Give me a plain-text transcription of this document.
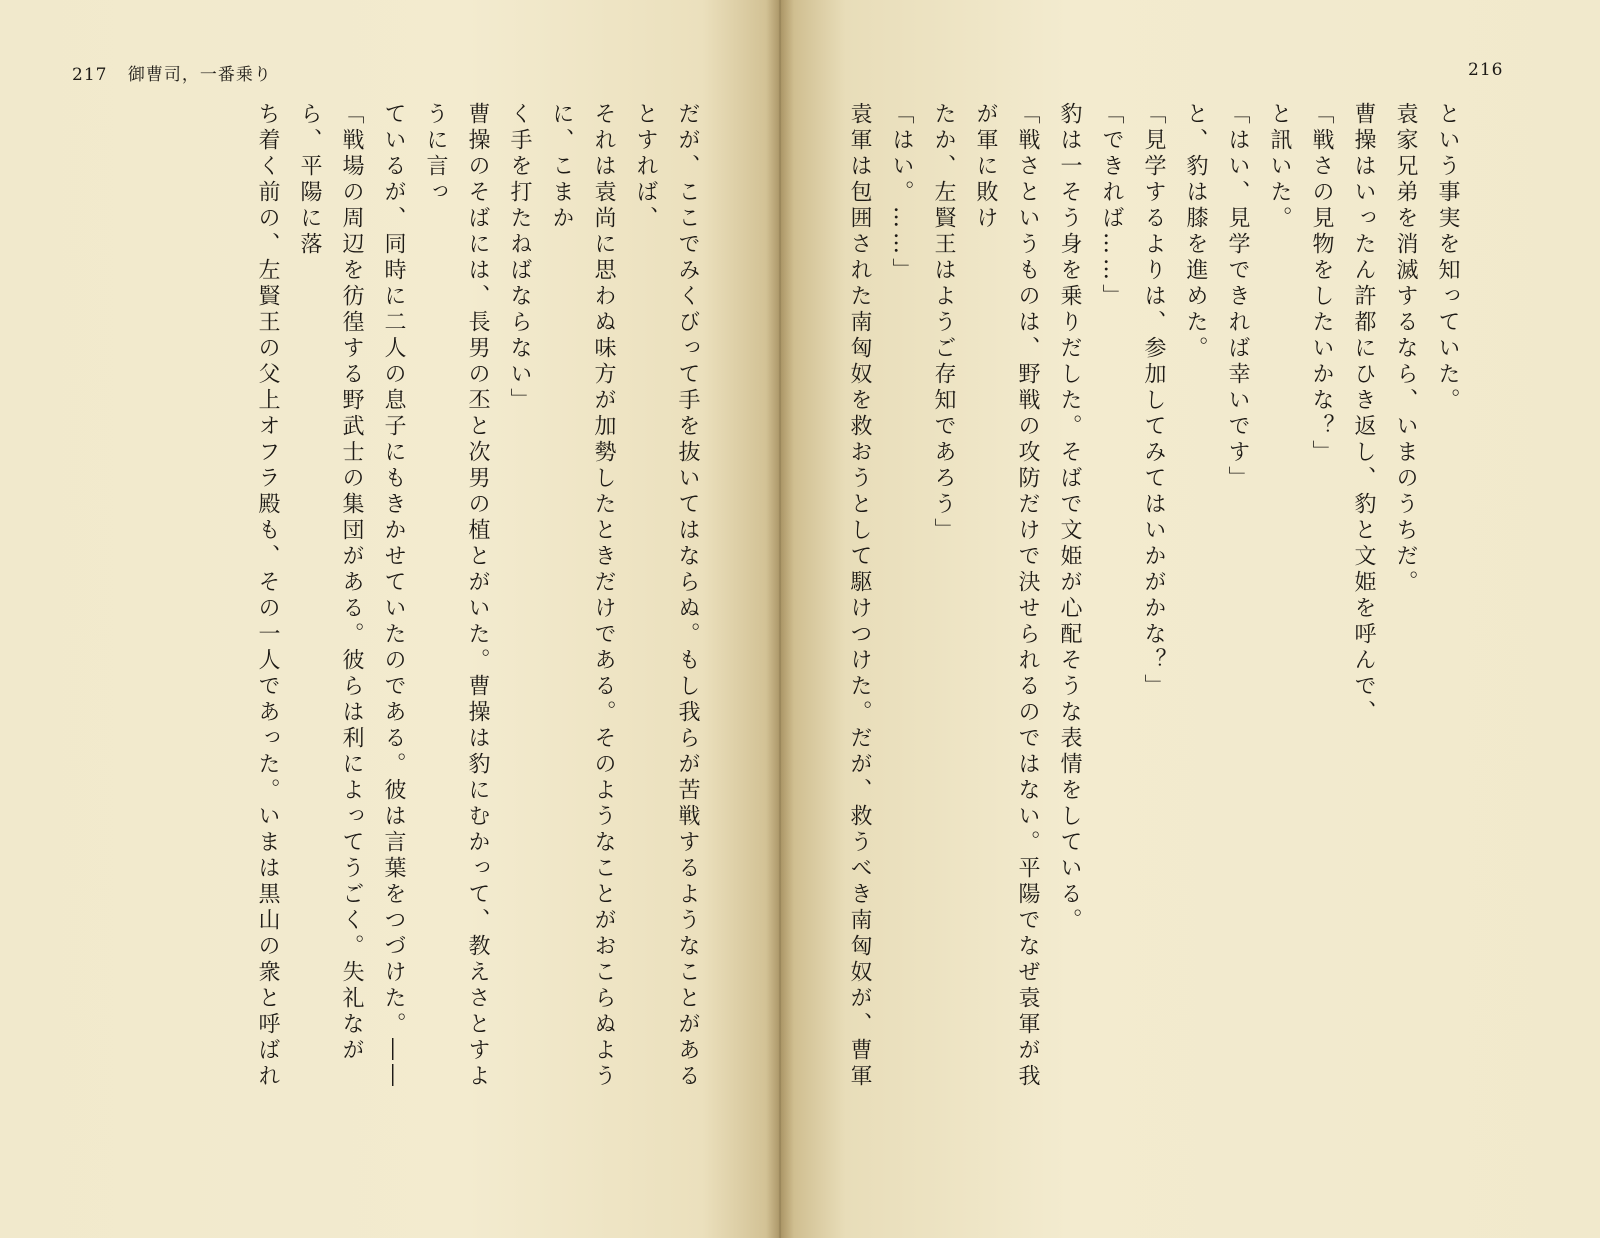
217 御曹司，一番乗り

だが、ここでみくびって手を抜いてはならぬ。もし我らが苦戦するようなことがあるとすれば、

それは袁尚に思わぬ味方が加勢したときだけである。そのようなことがおこらぬように、こまか

く手を打たねばならない」

曹操のそばには、長男の丕と次男の植とがいた。曹操は豹にむかって、教えさとすように言っ

ているが、同時に二人の息子にもきかせていたのである。彼は言葉をつづけた。――

「戦場の周辺を彷徨する野武士の集団がある。彼らは利によってうごく。失礼ながら、平陽に落

ち着く前の、左賢王の父上オフラ殿も、その一人であった。いまは黒山の衆と呼ばれ

という事実を知っていた。

袁家兄弟を消滅するなら、いまのうちだ。

曹操はいったん許都にひき返し、豹と文姫を呼んで、

「戦さの見物をしたいかな？」

と訊いた。

「はい、見学できれば幸いです」

と、豹は膝を進めた。

「見学するよりは、参加してみてはいかがかな？」

「できれば……」

豹は一そう身を乗りだした。そばで文姫が心配そうな表情をしている。

「戦さというものは、野戦の攻防だけで決せられるのではない。平陽でなぜ袁軍が我が軍に敗け

たか、左賢王はようご存知であろう」

「はい。……」

袁軍は包囲された南匈奴を救おうとして駆けつけた。だが、救うべき南匈奴が、曹軍

216
